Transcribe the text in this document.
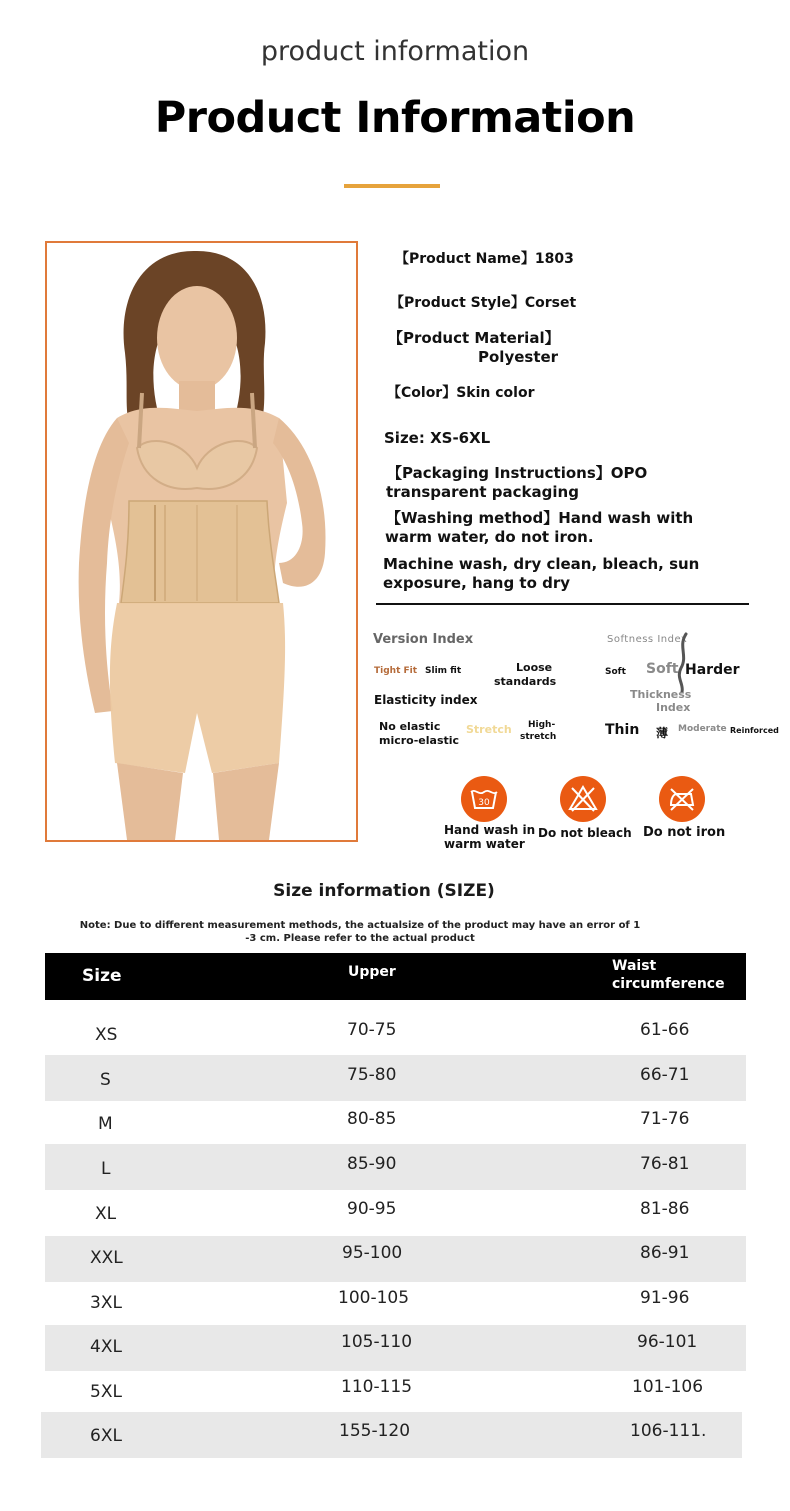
product information
Product Information
【Product Name】1803
【Product Style】Corset
【Product Material】
Polyester
【Color】Skin color
Size: XS-6XL
【Packaging Instructions】OPO
transparent packaging
【Washing method】Hand wash with
warm water, do not iron.
Machine wash, dry clean, bleach, sun
exposure, hang to dry
Version Index
Tight Fit Slim fit	Loose
standards
Elasticity index
No elastic
micro-elastic
Stretch High-
stretch
Softness Index
Soft Soft Harder
Thickness
Index
Thin 薄 Moderate Reinforced
30
Hand wash in
warm water
Do not bleach Do not iron
Size information (SIZE)
Note: Due to different measurement methods, the actualsize of the product may have an error of 1
-3 cm. Please refer to the actual product
Size	Upper	Waist
circumference
XS	70-75	61-66
S	75-80	66-71
M	80-85	71-76
L	85-90	76-81
XL	90-95	81-86
XXL	95-100	86-91
3XL	100-105	91-96
4XL	105-110	96-101
5XL	110-115	101-106
6XL	155-120	106-111.
